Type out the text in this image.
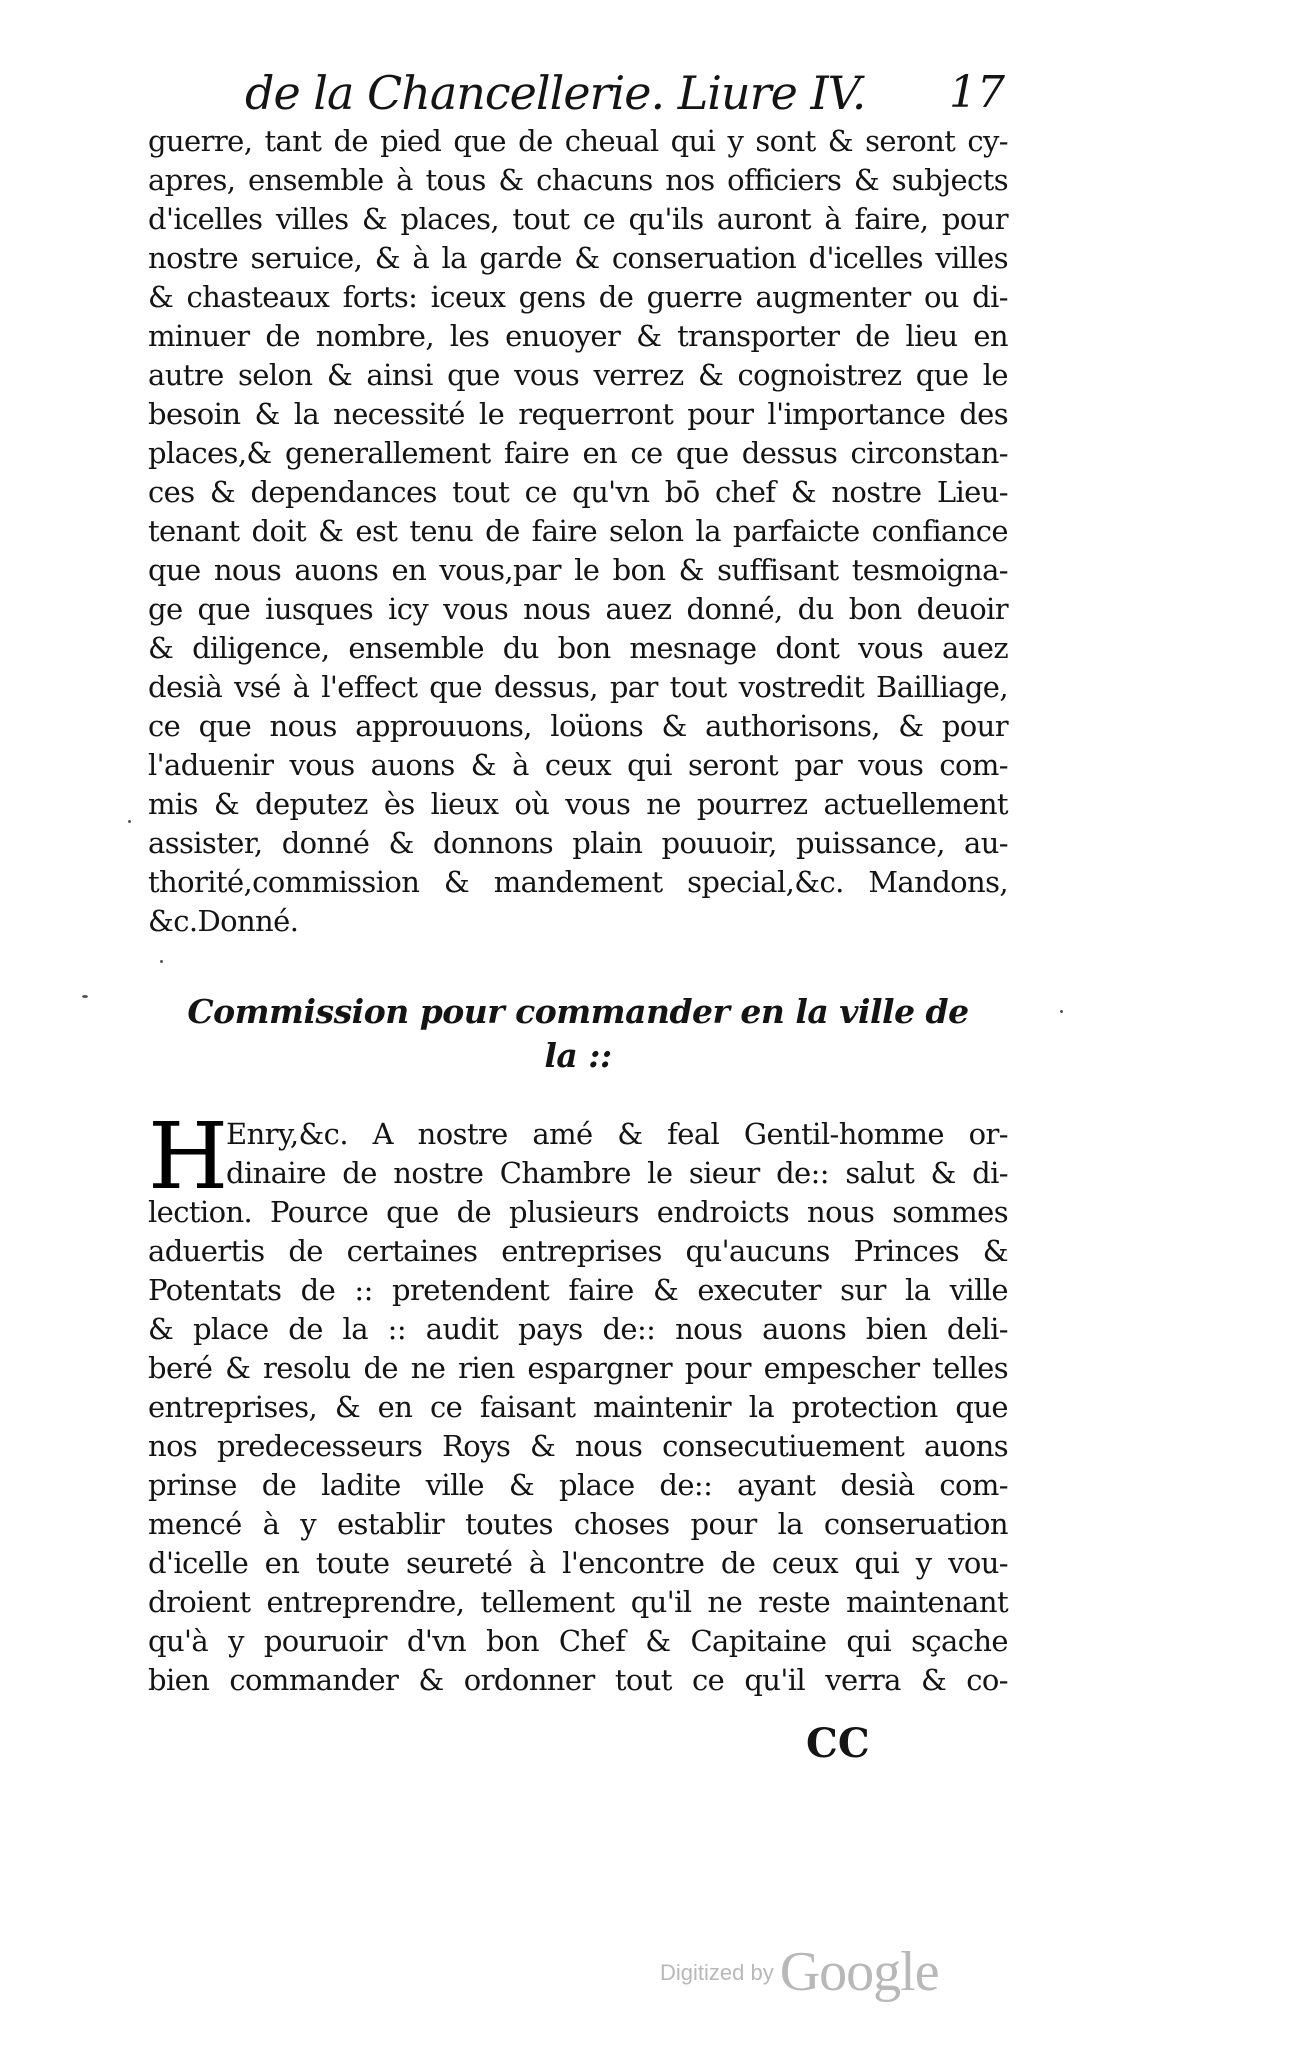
de la Chancellerie. Liure IV. 17
guerre, tant de pied que de cheual qui y sont & seront cy-
apres, ensemble à tous & chacuns nos officiers & subjects
d'icelles villes & places, tout ce qu'ils auront à faire, pour
nostre seruice, & à la garde & conseruation d'icelles villes
& chasteaux forts: iceux gens de guerre augmenter ou di-
minuer de nombre, les enuoyer & transporter de lieu en
autre selon & ainsi que vous verrez & cognoistrez que le
besoin & la necessité le requerront pour l'importance des
places,& generallement faire en ce que dessus circonstan-
ces & dependances tout ce qu'vn bō chef & nostre Lieu-
tenant doit & est tenu de faire selon la parfaicte confiance
que nous auons en vous,par le bon & suffisant tesmoigna-
ge que iusques icy vous nous auez donné, du bon deuoir
& diligence, ensemble du bon mesnage dont vous auez
desià vsé à l'effect que dessus, par tout vostredit Bailliage,
ce que nous approuuons, loüons & authorisons, & pour
l'aduenir vous auons & à ceux qui seront par vous com-
mis & deputez ès lieux où vous ne pourrez actuellement
assister, donné & donnons plain pouuoir, puissance, au-
thorité,commission & mandement special,&c. Mandons,
&c.Donné.
Commission pour commander en la ville de
la ::
H
Enry,&c. A nostre amé & feal Gentil-homme or-
dinaire de nostre Chambre le sieur de:: salut & di-
lection. Pource que de plusieurs endroicts nous sommes
aduertis de certaines entreprises qu'aucuns Princes &
Potentats de :: pretendent faire & executer sur la ville
& place de la :: audit pays de:: nous auons bien deli-
beré & resolu de ne rien espargner pour empescher telles
entreprises, & en ce faisant maintenir la protection que
nos predecesseurs Roys & nous consecutiuement auons
prinse de ladite ville & place de:: ayant desià com-
mencé à y establir toutes choses pour la conseruation
d'icelle en toute seureté à l'encontre de ceux qui y vou-
droient entreprendre, tellement qu'il ne reste maintenant
qu'à y pouruoir d'vn bon Chef & Capitaine qui sçache
bien commander & ordonner tout ce qu'il verra & co-
CC
Digitized by Google
